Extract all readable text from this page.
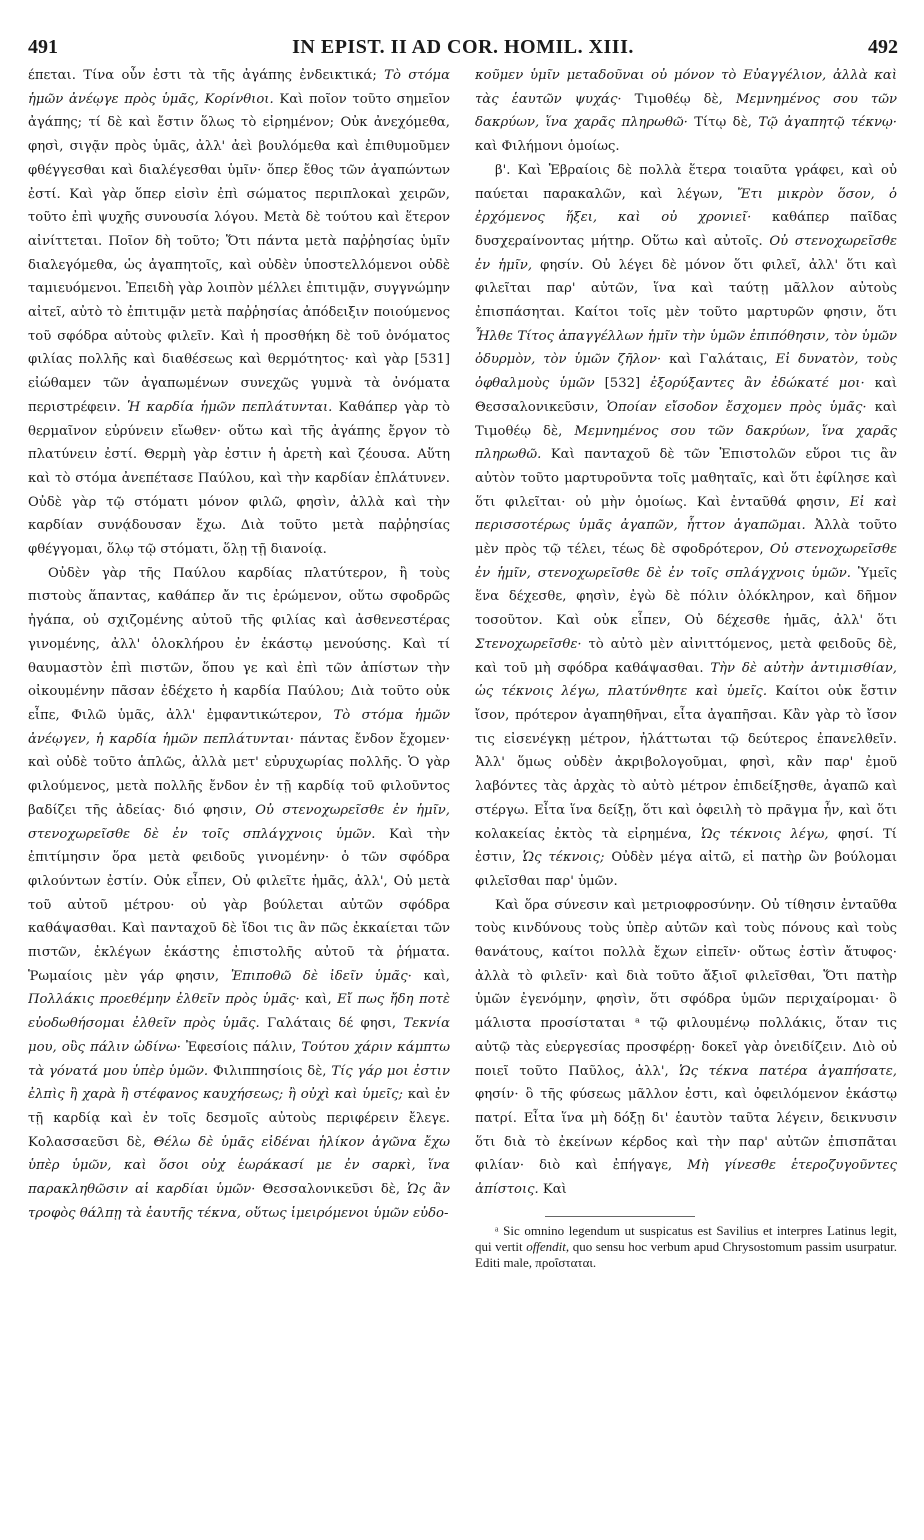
491	IN EPIST. II AD COR. HOMIL. XIII.	492

έπεται. Τίνα οὖν ἐστι τὰ τῆς ἀγάπης ἐνδεικτικά; Τὸ στόμα ἡμῶν ἀνέῳγε πρὸς ὑμᾶς, Κορίνθιοι. Καὶ ποῖον τοῦτο σημεῖον ἀγάπης; τί δὲ καὶ ἔστιν ὅλως τὸ εἰρημένον; Οὐκ ἀνεχόμεθα, φησὶ, σιγᾷν πρὸς ὑμᾶς, ἀλλ' ἀεὶ βουλόμεθα καὶ ἐπιθυμοῦμεν φθέγγεσθαι καὶ διαλέγεσθαι ὑμῖν· ὅπερ ἔθος τῶν ἀγαπώντων ἐστί. Καὶ γὰρ ὅπερ εἰσὶν ἐπὶ σώματος περιπλοκαὶ χειρῶν, τοῦτο ἐπὶ ψυχῆς συνουσία λόγου. Μετὰ δὲ τούτου καὶ ἕτερον αἰνίττεται. Ποῖον δὴ τοῦτο; Ὅτι πάντα μετὰ παῤῥησίας ὑμῖν διαλεγόμεθα, ὡς ἀγαπητοῖς, καὶ οὐδὲν ὑποστελλόμενοι οὐδὲ ταμιευόμενοι. Ἐπειδὴ γὰρ λοιπὸν μέλλει ἐπιτιμᾷν, συγγνώμην αἰτεῖ, αὐτὸ τὸ ἐπιτιμᾷν μετὰ παῤῥησίας ἀπόδειξιν ποιούμενος τοῦ σφόδρα αὐτοὺς φιλεῖν. Καὶ ἡ προσθήκη δὲ τοῦ ὀνόματος φιλίας πολλῆς καὶ διαθέσεως καὶ θερμότητος· καὶ γὰρ [531] εἰώθαμεν τῶν ἀγαπωμένων συνεχῶς γυμνὰ τὰ ὀνόματα περιστρέφειν. Ἡ καρδία ἡμῶν πεπλάτυνται. Καθάπερ γὰρ τὸ θερμαῖνον εὐρύνειν εἴωθεν· οὕτω καὶ τῆς ἀγάπης ἔργον τὸ πλατύνειν ἐστί. Θερμὴ γὰρ ἐστιν ἡ ἀρετὴ καὶ ζέουσα. Αὕτη καὶ τὸ στόμα ἀνεπέτασε Παύλου, καὶ τὴν καρδίαν ἐπλάτυνεν. Οὐδὲ γὰρ τῷ στόματι μόνον φιλῶ, φησὶν, ἀλλὰ καὶ τὴν καρδίαν συνᾴδουσαν ἔχω. Διὰ τοῦτο μετὰ παῤῥησίας φθέγγομαι, ὅλῳ τῷ στόματι, ὅλῃ τῇ διανοίᾳ.

Οὐδὲν γὰρ τῆς Παύλου καρδίας πλατύτερον, ἢ τοὺς πιστοὺς ἅπαντας, καθάπερ ἄν τις ἐρώμενον, οὕτω σφοδρῶς ἠγάπα, οὐ σχιζομένης αὐτοῦ τῆς φιλίας καὶ ἀσθενεστέρας γινομένης, ἀλλ' ὁλοκλήρου ἐν ἑκάστῳ μενούσης. Καὶ τί θαυμαστὸν ἐπὶ πιστῶν, ὅπου γε καὶ ἐπὶ τῶν ἀπίστων τὴν οἰκουμένην πᾶσαν ἐδέχετο ἡ καρδία Παύλου; Διὰ τοῦτο οὐκ εἶπε, Φιλῶ ὑμᾶς, ἀλλ' ἐμφαντικώτερον, Τὸ στόμα ἡμῶν ἀνέῳγεν, ἡ καρδία ἡμῶν πεπλάτυνται· πάντας ἔνδον ἔχομεν· καὶ οὐδὲ τοῦτο ἁπλῶς, ἀλλὰ μετ' εὐρυχωρίας πολλῆς. Ὁ γὰρ φιλούμενος, μετὰ πολλῆς ἔνδον ἐν τῇ καρδίᾳ τοῦ φιλοῦντος βαδίζει τῆς ἀδείας· διό φησιν, Οὐ στενοχωρεῖσθε ἐν ἡμῖν, στενοχωρεῖσθε δὲ ἐν τοῖς σπλάγχνοις ὑμῶν. Καὶ τὴν ἐπιτίμησιν ὅρα μετὰ φειδοῦς γινομένην· ὁ τῶν σφόδρα φιλούντων ἐστίν. Οὐκ εἶπεν, Οὐ φιλεῖτε ἡμᾶς, ἀλλ', Οὐ μετὰ τοῦ αὐτοῦ μέτρου· οὐ γὰρ βούλεται αὐτῶν σφόδρα καθάψασθαι. Καὶ πανταχοῦ δὲ ἴδοι τις ἂν πῶς ἐκκαίεται τῶν πιστῶν, ἐκλέγων ἑκάστης ἐπιστολῆς αὐτοῦ τὰ ῥήματα. Ῥωμαίοις μὲν γάρ φησιν, Ἐπιποθῶ δὲ ἰδεῖν ὑμᾶς· καὶ, Πολλάκις προεθέμην ἐλθεῖν πρὸς ὑμᾶς· καὶ, Εἴ πως ἤδη ποτὲ εὐοδωθήσομαι ἐλθεῖν πρὸς ὑμᾶς. Γαλάταις δέ φησι, Τεκνία μου, οὓς πάλιν ὠδίνω· Ἐφεσίοις πάλιν, Τούτου χάριν κάμπτω τὰ γόνατά μου ὑπὲρ ὑμῶν. Φιλιππησίοις δὲ, Τίς γάρ μοι ἐστιν ἐλπὶς ἢ χαρὰ ἢ στέφανος καυχήσεως; ἢ οὐχὶ καὶ ὑμεῖς; καὶ ἐν τῇ καρδίᾳ καὶ ἐν τοῖς δεσμοῖς αὐτοὺς περιφέρειν ἔλεγε. Κολασσαεῦσι δὲ, Θέλω δὲ ὑμᾶς εἰδέναι ἡλίκον ἀγῶνα ἔχω ὑπὲρ ὑμῶν, καὶ ὅσοι οὐχ ἑωράκασί με ἐν σαρκὶ, ἵνα παρακληθῶσιν αἱ καρδίαι ὑμῶν· Θεσσαλονικεῦσι δὲ, Ὡς ἂν τροφὸς θάλπῃ τὰ ἑαυτῆς τέκνα, οὕτως ἱμειρόμενοι ὑμῶν εὐδο-

κοῦμεν ὑμῖν μεταδοῦναι οὐ μόνον τὸ Εὐαγγέλιον, ἀλλὰ καὶ τὰς ἑαυτῶν ψυχάς· Τιμοθέῳ δὲ, Μεμνημένος σου τῶν δακρύων, ἵνα χαρᾶς πληρωθῶ· Τίτῳ δὲ, Τῷ ἀγαπητῷ τέκνῳ· καὶ Φιλήμονι ὁμοίως.

β'. Καὶ Ἑβραίοις δὲ πολλὰ ἕτερα τοιαῦτα γράφει, καὶ οὐ παύεται παρακαλῶν, καὶ λέγων, Ἔτι μικρὸν ὅσον, ὁ ἐρχόμενος ἥξει, καὶ οὐ χρονιεῖ· καθάπερ παῖδας δυσχεραίνοντας μήτηρ. Οὕτω καὶ αὐτοῖς. Οὐ στενοχωρεῖσθε ἐν ἡμῖν, φησίν. Οὐ λέγει δὲ μόνον ὅτι φιλεῖ, ἀλλ' ὅτι καὶ φιλεῖται παρ' αὐτῶν, ἵνα καὶ ταύτῃ μᾶλλον αὐτοὺς ἐπισπάσηται. Καίτοι τοῖς μὲν τοῦτο μαρτυρῶν φησιν, ὅτι Ἦλθε Τίτος ἀπαγγέλλων ἡμῖν τὴν ὑμῶν ἐπιπόθησιν, τὸν ὑμῶν ὀδυρμὸν, τὸν ὑμῶν ζῆλον· καὶ Γαλάταις, Εἰ δυνατὸν, τοὺς ὀφθαλμοὺς ὑμῶν [532] ἐξορύξαντες ἂν ἐδώκατέ μοι· καὶ Θεσσαλονικεῦσιν, Ὁποίαν εἴσοδον ἔσχομεν πρὸς ὑμᾶς· καὶ Τιμοθέῳ δὲ, Μεμνημένος σου τῶν δακρύων, ἵνα χαρᾶς πληρωθῶ. Καὶ πανταχοῦ δὲ τῶν Ἐπιστολῶν εὕροι τις ἂν αὐτὸν τοῦτο μαρτυροῦντα τοῖς μαθηταῖς, καὶ ὅτι ἐφίλησε καὶ ὅτι φιλεῖται· οὐ μὴν ὁμοίως. Καὶ ἐνταῦθά φησιν, Εἰ καὶ περισσοτέρως ὑμᾶς ἀγαπῶν, ἧττον ἀγαπῶμαι. Ἀλλὰ τοῦτο μὲν πρὸς τῷ τέλει, τέως δὲ σφοδρότερον, Οὐ στενοχωρεῖσθε ἐν ἡμῖν, στενοχωρεῖσθε δὲ ἐν τοῖς σπλάγχνοις ὑμῶν. Ὑμεῖς ἕνα δέχεσθε, φησὶν, ἐγὼ δὲ πόλιν ὁλόκληρον, καὶ δῆμον τοσοῦτον. Καὶ οὐκ εἶπεν, Οὐ δέχεσθε ἡμᾶς, ἀλλ' ὅτι Στενοχωρεῖσθε· τὸ αὐτὸ μὲν αἰνιττόμενος, μετὰ φειδοῦς δὲ, καὶ τοῦ μὴ σφόδρα καθάψασθαι. Τὴν δὲ αὐτὴν ἀντιμισθίαν, ὡς τέκνοις λέγω, πλατύνθητε καὶ ὑμεῖς. Καίτοι οὐκ ἔστιν ἴσον, πρότερον ἀγαπηθῆναι, εἶτα ἀγαπῆσαι. Κἂν γὰρ τὸ ἴσον τις εἰσενέγκῃ μέτρον, ἠλάττωται τῷ δεύτερος ἐπανελθεῖν. Ἀλλ' ὅμως οὐδὲν ἀκριβολογοῦμαι, φησὶ, κἂν παρ' ἐμοῦ λαβόντες τὰς ἀρχὰς τὸ αὐτὸ μέτρον ἐπιδείξησθε, ἀγαπῶ καὶ στέργω. Εἶτα ἵνα δείξῃ, ὅτι καὶ ὀφειλὴ τὸ πρᾶγμα ἦν, καὶ ὅτι κολακείας ἐκτὸς τὰ εἰρημένα, Ὡς τέκνοις λέγω, φησί. Τί ἐστιν, Ὡς τέκνοις; Οὐδὲν μέγα αἰτῶ, εἰ πατὴρ ὢν βούλομαι φιλεῖσθαι παρ' ὑμῶν.

Καὶ ὅρα σύνεσιν καὶ μετριοφροσύνην. Οὐ τίθησιν ἐνταῦθα τοὺς κινδύνους τοὺς ὑπὲρ αὐτῶν καὶ τοὺς πόνους καὶ τοὺς θανάτους, καίτοι πολλὰ ἔχων εἰπεῖν· οὕτως ἐστὶν ἄτυφος· ἀλλὰ τὸ φιλεῖν· καὶ διὰ τοῦτο ἄξιοῖ φιλεῖσθαι, Ὅτι πατὴρ ὑμῶν ἐγενόμην, φησὶν, ὅτι σφόδρα ὑμῶν περιχαίρομαι· ὃ μάλιστα προσίσταται ᵃ τῷ φιλουμένῳ πολλάκις, ὅταν τις αὐτῷ τὰς εὐεργεσίας προσφέρῃ· δοκεῖ γὰρ ὀνειδίζειν. Διὸ οὐ ποιεῖ τοῦτο Παῦλος, ἀλλ', Ὡς τέκνα πατέρα ἀγαπήσατε, φησίν· ὃ τῆς φύσεως μᾶλλον ἐστι, καὶ ὀφειλόμενον ἑκάστῳ πατρί. Εἶτα ἵνα μὴ δόξῃ δι' ἑαυτὸν ταῦτα λέγειν, δεικνυσιν ὅτι διὰ τὸ ἐκείνων κέρδος καὶ τὴν παρ' αὐτῶν ἐπισπᾶται φιλίαν· διὸ καὶ ἐπήγαγε, Μὴ γίνεσθε ἑτεροζυγοῦντες ἀπίστοις. Καὶ

ᵃ Sic omnino legendum ut suspicatus est Savilius et interpres Latinus legit, qui vertit offendit, quo sensu hoc verbum apud Chrysostomum passim usurpatur. Editi male, προΐσταται.
